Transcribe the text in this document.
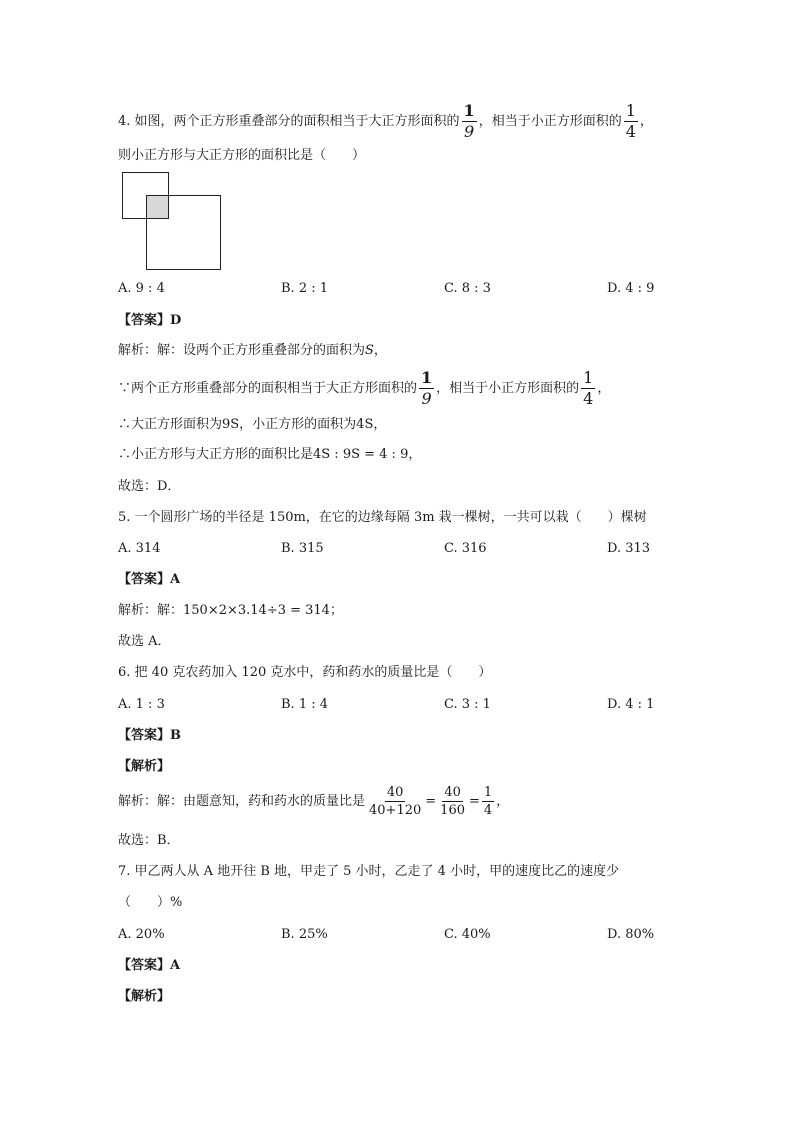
4. 如图，两个正方形重叠部分的面积相当于大正方形面积的 $\frac{1}{9}$ ，相当于小正方形面积的 $\frac{1}{4}$ ，
则小正方形与大正方形的面积比是（　　）
A. 9 : 4	B. 2 : 1	C. 8 : 3	D. 4 : 9
【答案】D
解析：解：设两个正方形重叠部分的面积为S，
∵两个正方形重叠部分的面积相当于大正方形面积的 $\frac{1}{9}$ ，相当于小正方形面积的 $\frac{1}{4}$ ，
∴大正方形面积为9S，小正方形的面积为4S，
∴小正方形与大正方形的面积比是4S : 9S = 4 : 9，
故选：D．
5. 一个圆形广场的半径是 150m，在它的边缘每隔 3m 栽一棵树，一共可以栽（　　）棵树
A. 314	B. 315	C. 316	D. 313
【答案】A
解析：解：150×2×3.14÷3 = 314；
故选 A．
6. 把 40 克农药加入 120 克水中，药和药水的质量比是（　　）
A. 1 : 3	B. 1 : 4	C. 3 : 1	D. 4 : 1
【答案】B
【解析】
解析：解：由题意知，药和药水的质量比是 $\frac{40}{40+120} = \frac{40}{160} = \frac{1}{4}$ ，
故选：B．
7. 甲乙两人从 A 地开往 B 地，甲走了 5 小时，乙走了 4 小时，甲的速度比乙的速度少
（　　）%
A. 20%	B. 25%	C. 40%	D. 80%
【答案】A
【解析】
